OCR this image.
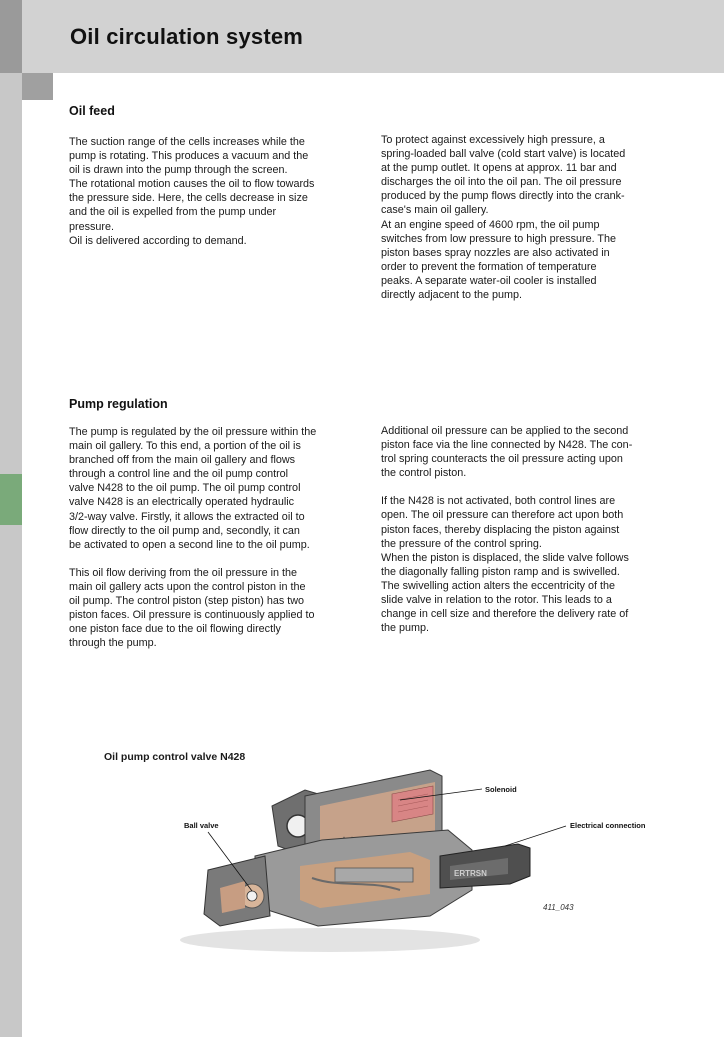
Oil circulation system
Oil feed

The suction range of the cells increases while the
pump is rotating. This produces a vacuum and the
oil is drawn into the pump through the screen.
The rotational motion causes the oil to flow towards
the pressure side. Here, the cells decrease in size
and the oil is expelled from the pump under
pressure.
Oil is delivered according to demand.

To protect against excessively high pressure, a
spring-loaded ball valve (cold start valve) is located
at the pump outlet. It opens at approx. 11 bar and
discharges the oil into the oil pan. The oil pressure
produced by the pump flows directly into the crank-
case's main oil gallery.
At an engine speed of 4600 rpm, the oil pump
switches from low pressure to high pressure. The
piston bases spray nozzles are also activated in
order to prevent the formation of temperature
peaks. A separate water-oil cooler is installed
directly adjacent to the pump.

Pump regulation

The pump is regulated by the oil pressure within the
main oil gallery. To this end, a portion of the oil is
branched off from the main oil gallery and flows
through a control line and the oil pump control
valve N428 to the oil pump. The oil pump control
valve N428 is an electrically operated hydraulic
3/2-way valve. Firstly, it allows the extracted oil to
flow directly to the oil pump and, secondly, it can
be activated to open a second line to the oil pump.

This oil flow deriving from the oil pressure in the
main oil gallery acts upon the control piston in the
oil pump. The control piston (step piston) has two
piston faces. Oil pressure is continuously applied to
one piston face due to the oil flowing directly
through the pump.

Additional oil pressure can be applied to the second
piston face via the line connected by N428. The con-
trol spring counteracts the oil pressure acting upon
the control piston.

If the N428 is not activated, both control lines are
open. The oil pressure can therefore act upon both
piston faces, thereby displacing the piston against
the pressure of the control spring.
When the piston is displaced, the slide valve follows
the diagonally falling piston ramp and is swivelled.
The swivelling action alters the eccentricity of the
slide valve in relation to the rotor. This leads to a
change in cell size and therefore the delivery rate of
the pump.

Oil pump control valve N428

ERTRSN
Solenoid
Ball valve	Electrical connection
411_043
